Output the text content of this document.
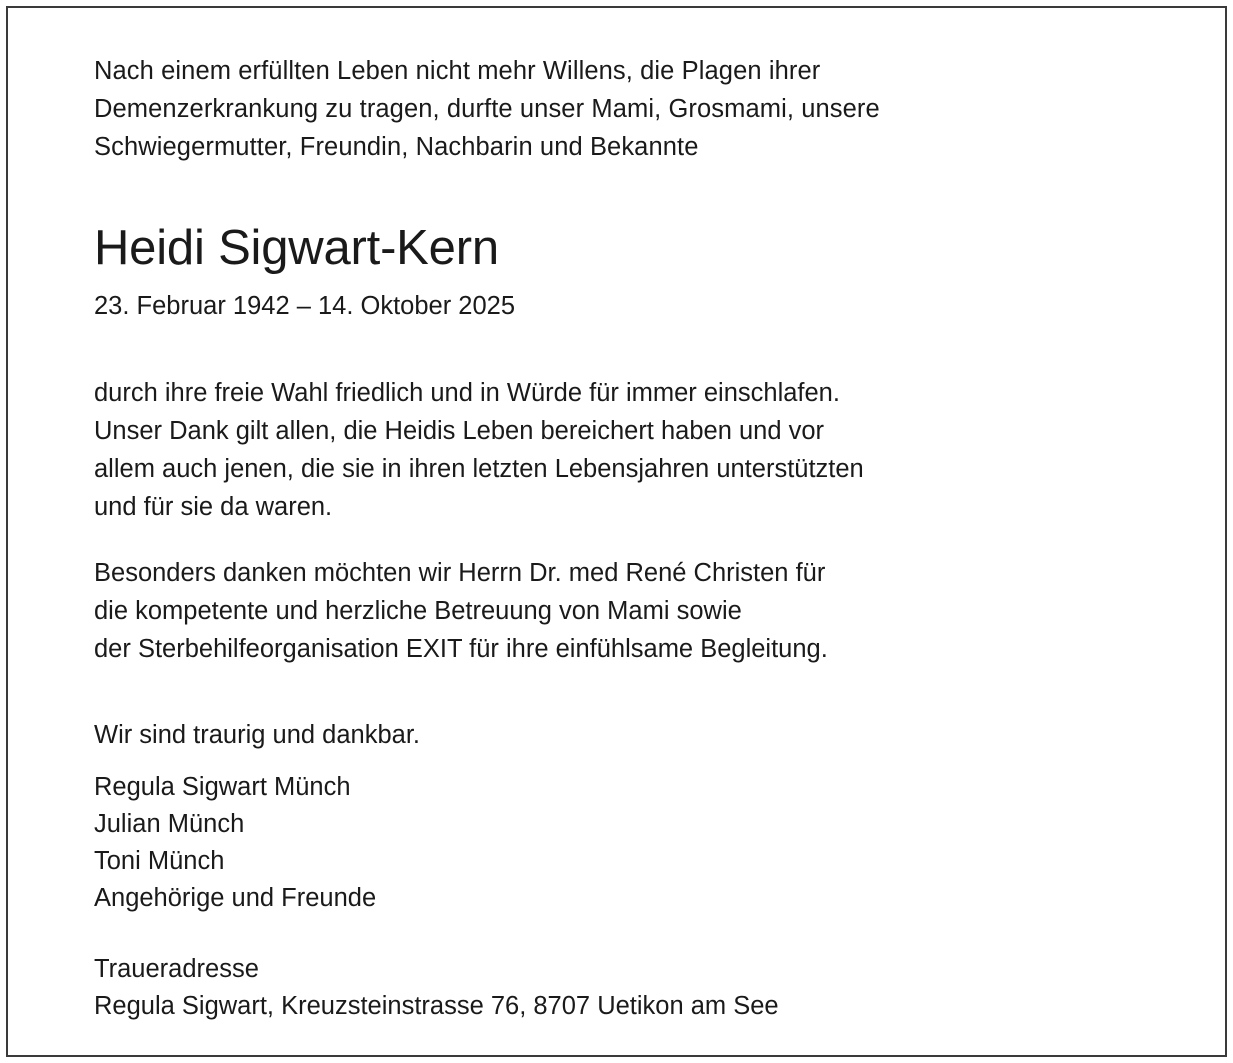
Nach einem erfüllten Leben nicht mehr Willens, die Plagen ihrer
Demenzerkrankung zu tragen, durfte unser Mami, Grosmami, unsere
Schwiegermutter, Freundin, Nachbarin und Bekannte

Heidi Sigwart-Kern

23. Februar 1942 – 14. Oktober 2025

durch ihre freie Wahl friedlich und in Würde für immer einschlafen.
Unser Dank gilt allen, die Heidis Leben bereichert haben und vor
allem auch jenen, die sie in ihren letzten Lebensjahren unterstützten
und für sie da waren.

Besonders danken möchten wir Herrn Dr. med René Christen für
die kompetente und herzliche Betreuung von Mami sowie
der Sterbehilfeorganisation EXIT für ihre einfühlsame Begleitung.

Wir sind traurig und dankbar.

Regula Sigwart Münch
Julian Münch
Toni Münch
Angehörige und Freunde

Traueradresse
Regula Sigwart, Kreuzsteinstrasse 76, 8707 Uetikon am See
